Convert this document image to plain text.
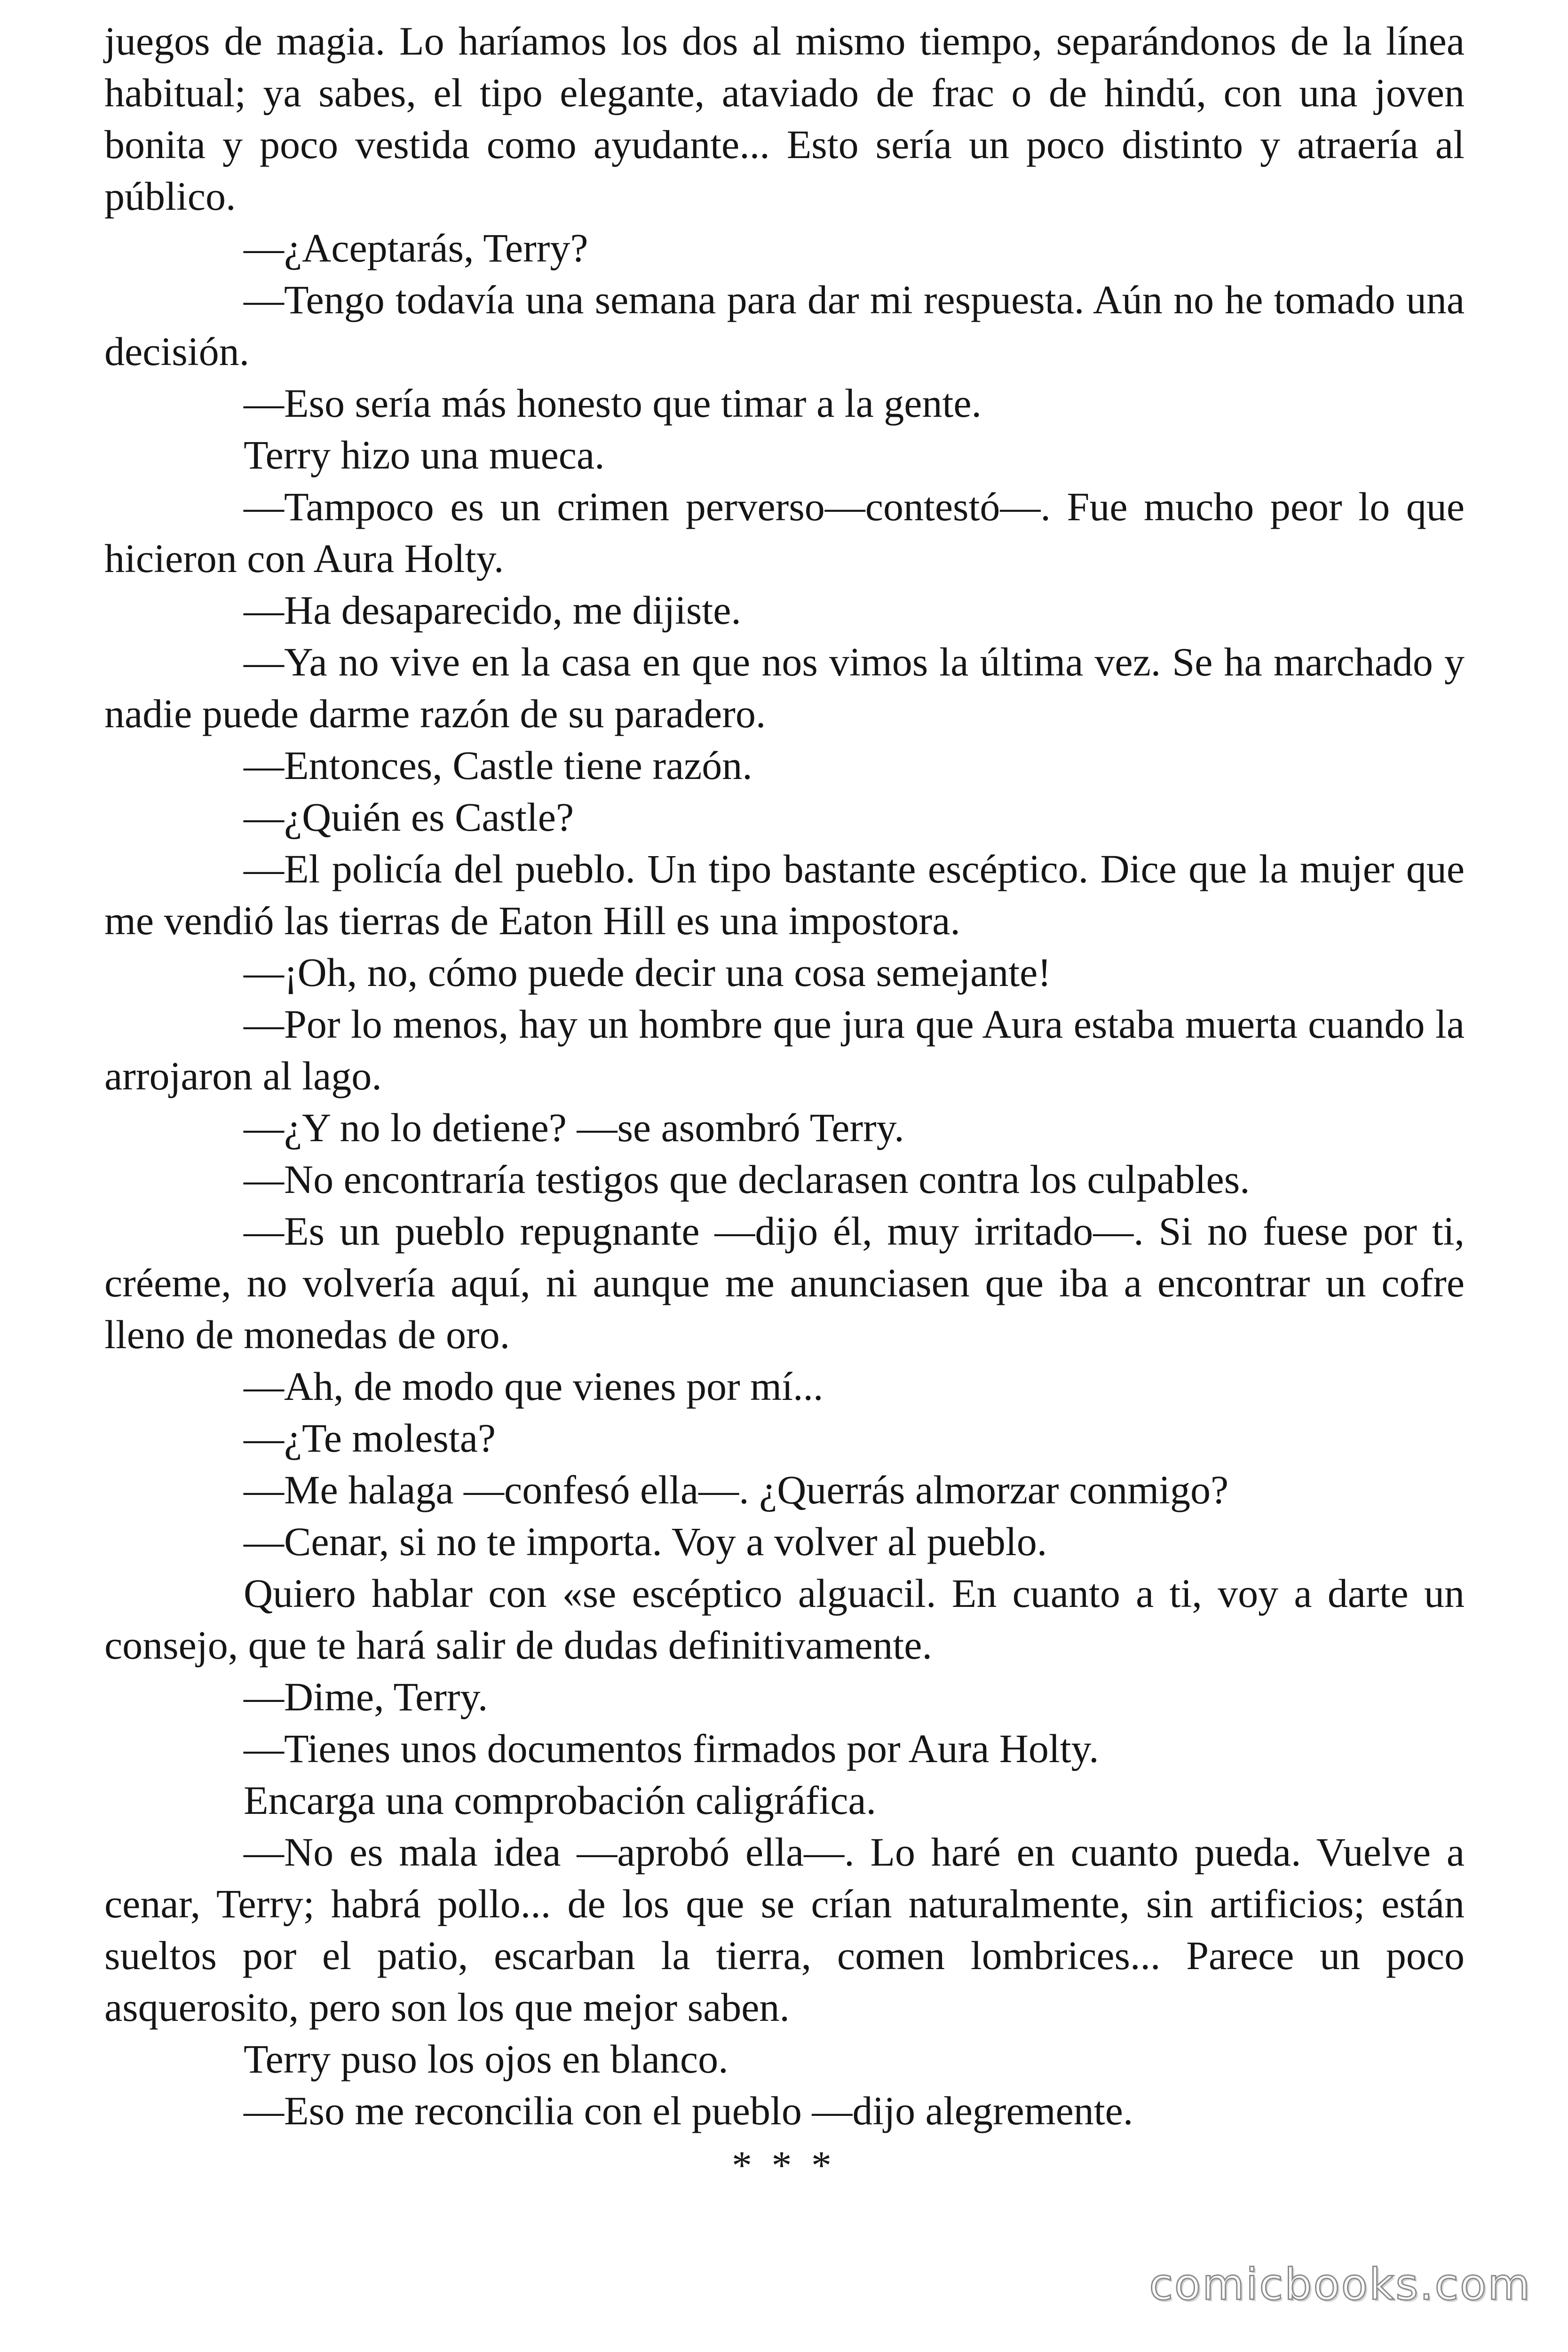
juegos de magia. Lo haríamos los dos al mismo tiempo, separándonos de la línea habitual; ya sabes, el tipo elegante, ataviado de frac o de hindú, con una joven bonita y poco vestida como ayudante... Esto sería un poco distinto y atraería al público.

—¿Aceptarás, Terry?

—Tengo todavía una semana para dar mi respuesta. Aún no he tomado una decisión.

—Eso sería más honesto que timar a la gente.

Terry hizo una mueca.

—Tampoco es un crimen perverso—contestó—. Fue mucho peor lo que hicieron con Aura Holty.

—Ha desaparecido, me dijiste.

—Ya no vive en la casa en que nos vimos la última vez. Se ha marchado y nadie puede darme razón de su paradero.

—Entonces, Castle tiene razón.

—¿Quién es Castle?

—El policía del pueblo. Un tipo bastante escéptico. Dice que la mujer que me vendió las tierras de Eaton Hill es una impostora.

—¡Oh, no, cómo puede decir una cosa semejante!

—Por lo menos, hay un hombre que jura que Aura estaba muerta cuando la arrojaron al lago.

—¿Y no lo detiene? —se asombró Terry.

—No encontraría testigos que declarasen contra los culpables.

—Es un pueblo repugnante —dijo él, muy irritado—. Si no fuese por ti, créeme, no volvería aquí, ni aunque me anunciasen que iba a encontrar un cofre lleno de monedas de oro.

—Ah, de modo que vienes por mí...

—¿Te molesta?

—Me halaga —confesó ella—. ¿Querrás almorzar conmigo?

—Cenar, si no te importa. Voy a volver al pueblo.

Quiero hablar con «se escéptico alguacil. En cuanto a ti, voy a darte un consejo, que te hará salir de dudas definitivamente.

—Dime, Terry.

—Tienes unos documentos firmados por Aura Holty.

Encarga una comprobación caligráfica.

—No es mala idea —aprobó ella—. Lo haré en cuanto pueda. Vuelve a cenar, Terry; habrá pollo... de los que se crían naturalmente, sin artificios; están sueltos por el patio, escarban la tierra, comen lombrices... Parece un poco asquerosito, pero son los que mejor saben.

Terry puso los ojos en blanco.

—Eso me reconcilia con el pueblo —dijo alegremente.

* * *
comicbooks.com
